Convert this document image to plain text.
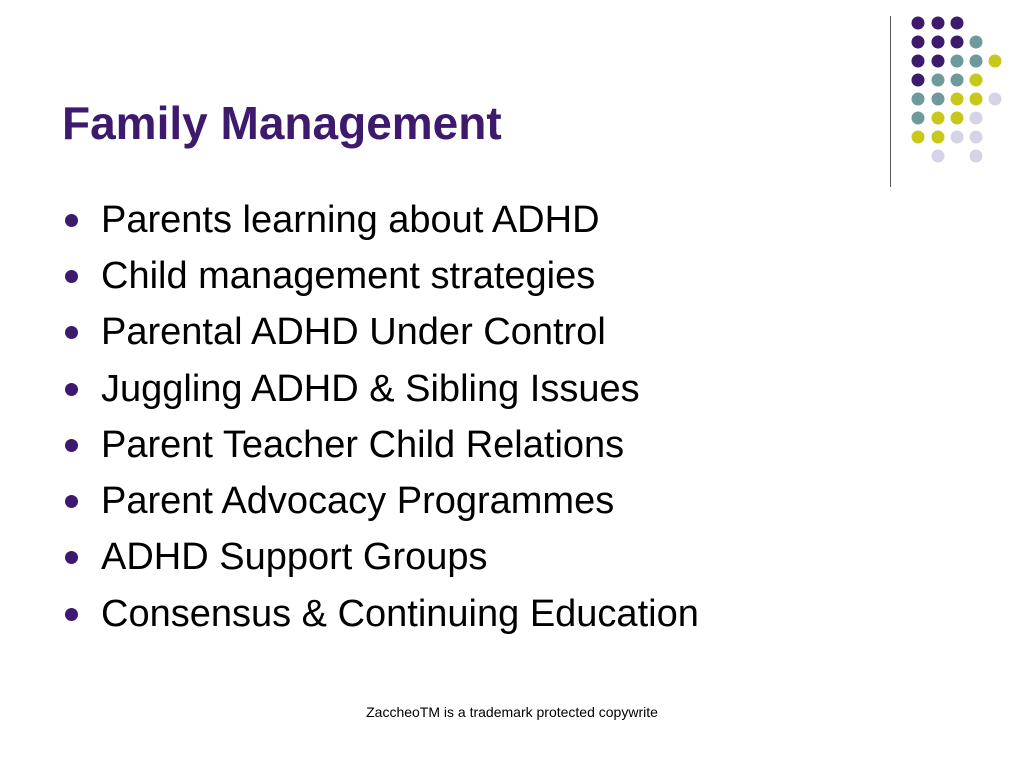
Family Management
Parents learning about ADHD
Child management strategies
Parental ADHD Under Control
Juggling ADHD & Sibling Issues
Parent Teacher Child Relations
Parent Advocacy Programmes
ADHD Support Groups
Consensus & Continuing Education
ZaccheoTM is a trademark protected copywrite
